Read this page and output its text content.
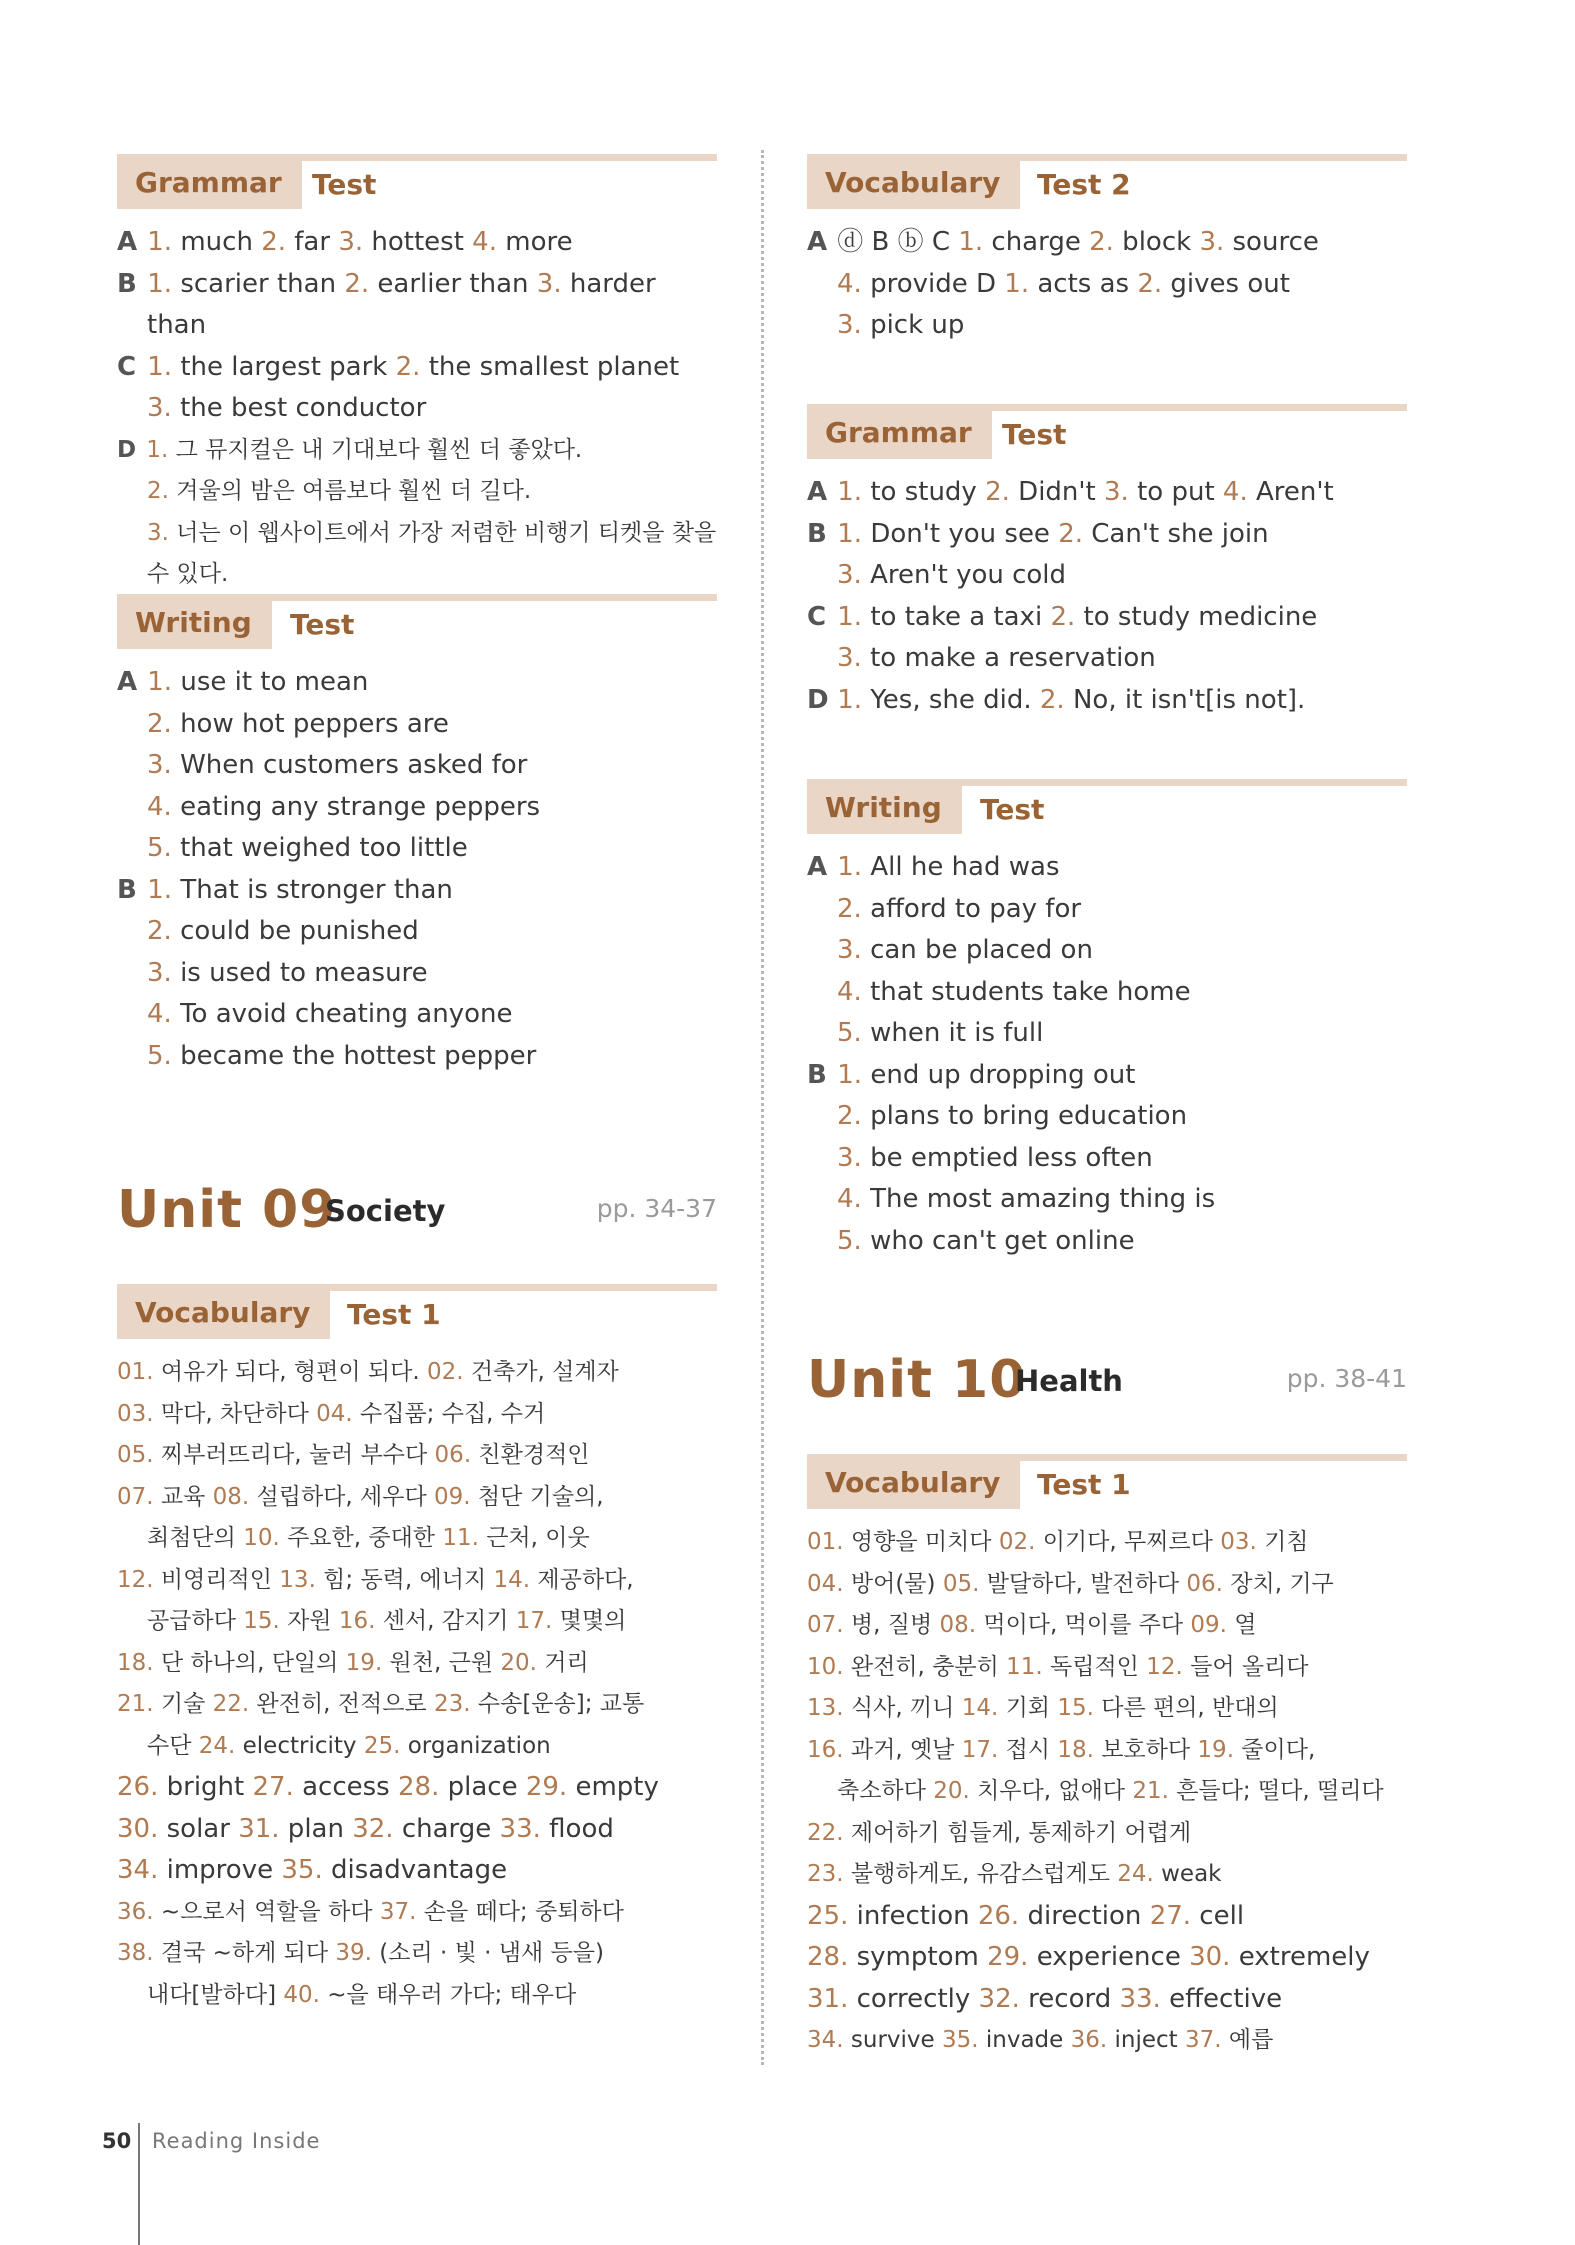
Grammar	Test
A 1. much 2. far 3. hottest 4. more
B 1. scarier than 2. earlier than 3. harder
than
C 1. the largest park 2. the smallest planet
3. the best conductor
D 1. 그 뮤지컬은 내 기대보다 훨씬 더 좋았다.
2. 겨울의 밤은 여름보다 훨씬 더 길다.
3. 너는 이 웹사이트에서 가장 저렴한 비행기 티켓을 찾을
수 있다.
Writing	Test
A 1. use it to mean
2. how hot peppers are
3. When customers asked for
4. eating any strange peppers
5. that weighed too little
B 1. That is stronger than
2. could be punished
3. is used to measure
4. To avoid cheating anyone
5. became the hottest pepper
Unit 09
Society	pp. 34-37
Vocabulary	Test 1
01. 여유가 되다, 형편이 되다. 02. 건축가, 설계자
03. 막다, 차단하다 04. 수집품; 수집, 수거
05. 찌부러뜨리다, 눌러 부수다 06. 친환경적인
07. 교육 08. 설립하다, 세우다 09. 첨단 기술의,
최첨단의 10. 주요한, 중대한 11. 근처, 이웃
12. 비영리적인 13. 힘; 동력, 에너지 14. 제공하다,
공급하다 15. 자원 16. 센서, 감지기 17. 몇몇의
18. 단 하나의, 단일의 19. 원천, 근원 20. 거리
21. 기술 22. 완전히, 전적으로 23. 수송[운송]; 교통
수단 24. electricity 25. organization
26. bright 27. access 28. place 29. empty
30. solar 31. plan 32. charge 33. flood
34. improve 35. disadvantage
36. ~으로서 역할을 하다 37. 손을 떼다; 중퇴하다
38. 결국 ~하게 되다 39. (소리 · 빛 · 냄새 등을)
내다[발하다] 40. ~을 태우러 가다; 태우다
Vocabulary	Test 2
A ⓓ B ⓑ C 1. charge 2. block 3. source
4. provide D 1. acts as 2. gives out
3. pick up
Grammar	Test
A 1. to study 2. Didn't 3. to put 4. Aren't
B 1. Don't you see 2. Can't she join
3. Aren't you cold
C 1. to take a taxi 2. to study medicine
3. to make a reservation
D 1. Yes, she did. 2. No, it isn't[is not].
Writing	Test
A 1. All he had was
2. afford to pay for
3. can be placed on
4. that students take home
5. when it is full
B 1. end up dropping out
2. plans to bring education
3. be emptied less often
4. The most amazing thing is
5. who can't get online
Unit 10
Health	pp. 38-41
Vocabulary	Test 1
01. 영향을 미치다 02. 이기다, 무찌르다 03. 기침
04. 방어(물) 05. 발달하다, 발전하다 06. 장치, 기구
07. 병, 질병 08. 먹이다, 먹이를 주다 09. 열
10. 완전히, 충분히 11. 독립적인 12. 들어 올리다
13. 식사, 끼니 14. 기회 15. 다른 편의, 반대의
16. 과거, 옛날 17. 접시 18. 보호하다 19. 줄이다,
축소하다 20. 치우다, 없애다 21. 흔들다; 떨다, 떨리다
22. 제어하기 힘들게, 통제하기 어렵게
23. 불행하게도, 유감스럽게도 24. weak
25. infection 26. direction 27. cell
28. symptom 29. experience 30. extremely
31. correctly 32. record 33. effective
34. survive 35. invade 36. inject 37. 예릅
50 Reading Inside
